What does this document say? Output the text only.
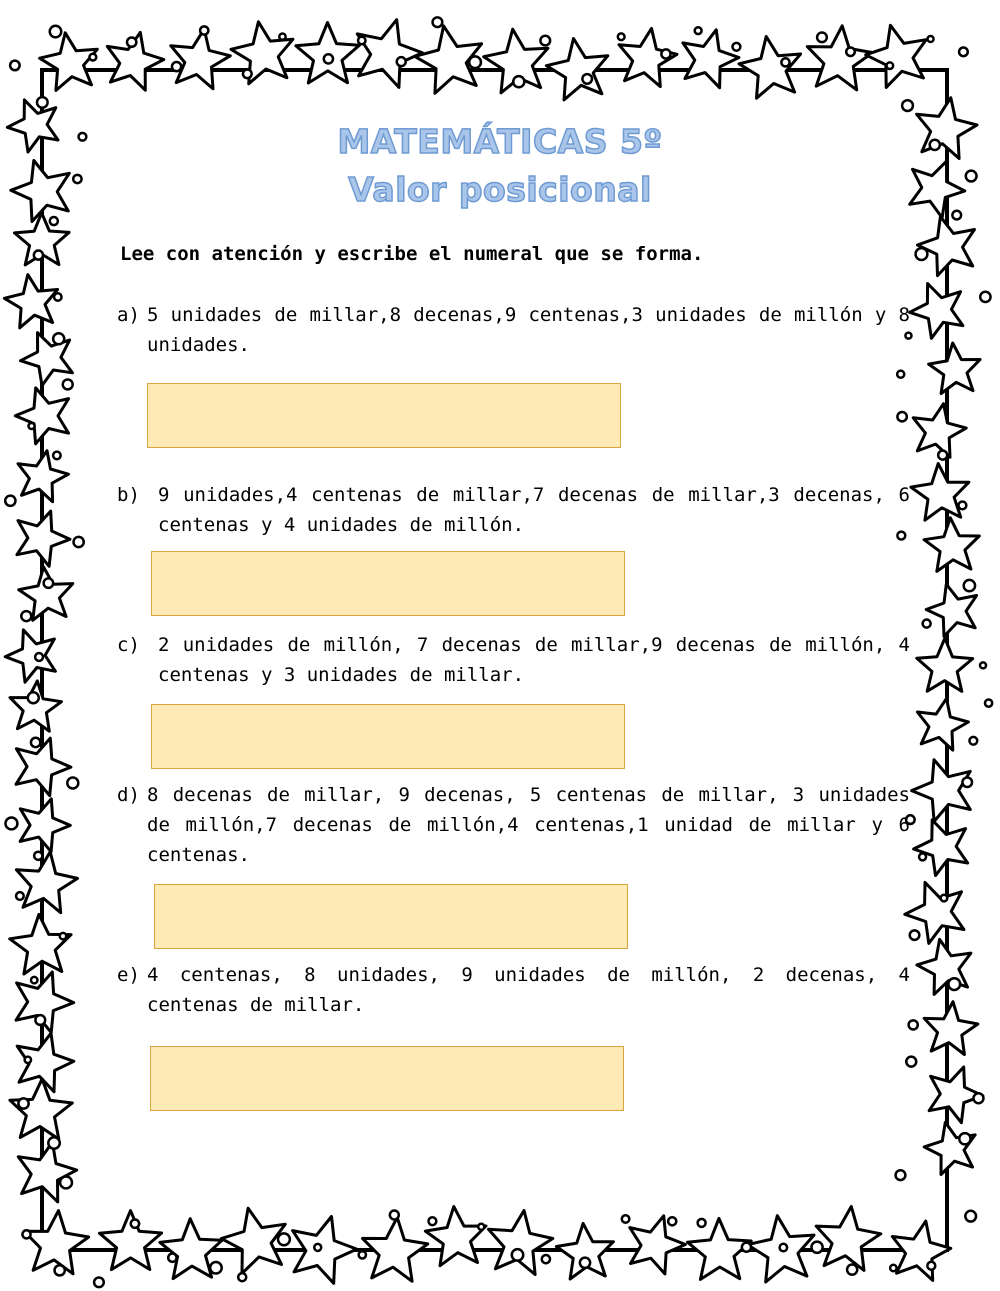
MATEMÁTICAS 5º
Valor posicional
Lee con atención y escribe el numeral que se forma.
a) 5 unidades de millar,8 decenas,9 centenas,3 unidades de millón y 8 unidades.
b) 9 unidades,4 centenas de millar,7 decenas de millar,3 decenas, 6 centenas y 4 unidades de millón.
c) 2 unidades de millón, 7 decenas de millar,9 decenas de millón, 4 centenas y 3 unidades de millar.
d) 8 decenas de millar, 9 decenas, 5 centenas de millar, 3 unidades de millón,7 decenas de millón,4 centenas,1 unidad de millar y 6 centenas.
e) 4 centenas, 8 unidades, 9 unidades de millón, 2 decenas, 4 centenas de millar.
